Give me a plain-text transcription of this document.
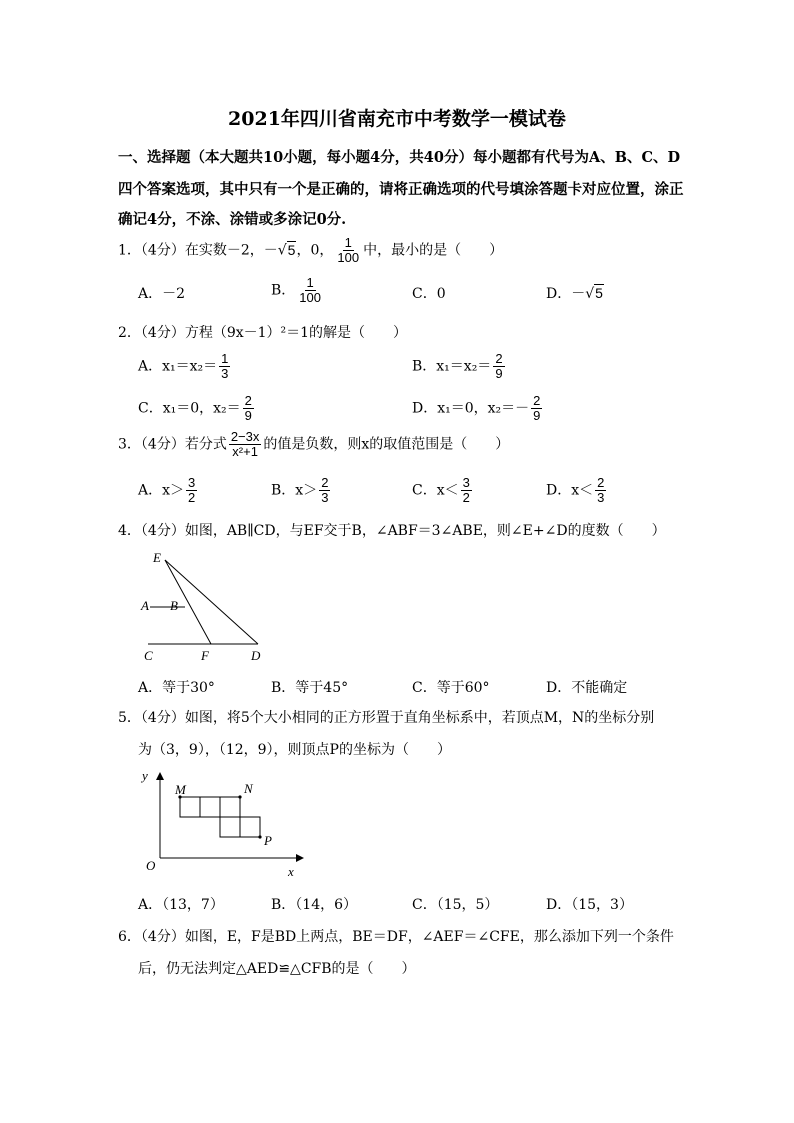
2021年四川省南充市中考数学一模试卷
一、选择题（本大题共10小题，每小题4分，共40分）每小题都有代号为A、B、C、D
四个答案选项，其中只有一个是正确的，请将正确选项的代号填涂答题卡对应位置，涂正
确记4分，不涂、涂错或多涂记0分.
1．（4分）在实数－2，－√5，0， $\frac{1}{100}$ 中，最小的是（　　）
A．－2	B． $\frac{1}{100}$	C．0	D．－√5
2．（4分）方程（9x－1）²＝1的解是（　　）
A．$x_1=x_2= \frac{1}{3}$	B．$x_1=x_2= \frac{2}{9}$
C．x₁＝0，$x_2= \frac{2}{9}$	D．x₁＝0，$x_2=- \frac{2}{9}$
3．（4分）若分式 $\frac{2-3x}{\text{x²+1}}$ 的值是负数，则x的取值范围是（　　）
A．$x> \frac{3}{2}$	B．$x> \frac{2}{3}$	C．$x< \frac{3}{2}$	D．$x< \frac{2}{3}$
4．（4分）如图，AB∥CD，与EF交于B，∠ABF＝3∠ABE，则∠E+∠D的度数（　　）
E
A B
C	F	D
A．等于30°	B．等于45°	C．等于60°	D．不能确定
5．（4分）如图，将5个大小相同的正方形置于直角坐标系中，若顶点M，N的坐标分别
为（3，9），（12，9），则顶点P的坐标为（　　）
y
x
O
M	N
P
A．（13，7）	B．（14，6）	C．（15，5）	D．（15，3）
6．（4分）如图，E，F是BD上两点，BE＝DF，∠AEF＝∠CFE，那么添加下列一个条件
后，仍无法判定△AED≌△CFB的是（　　）
